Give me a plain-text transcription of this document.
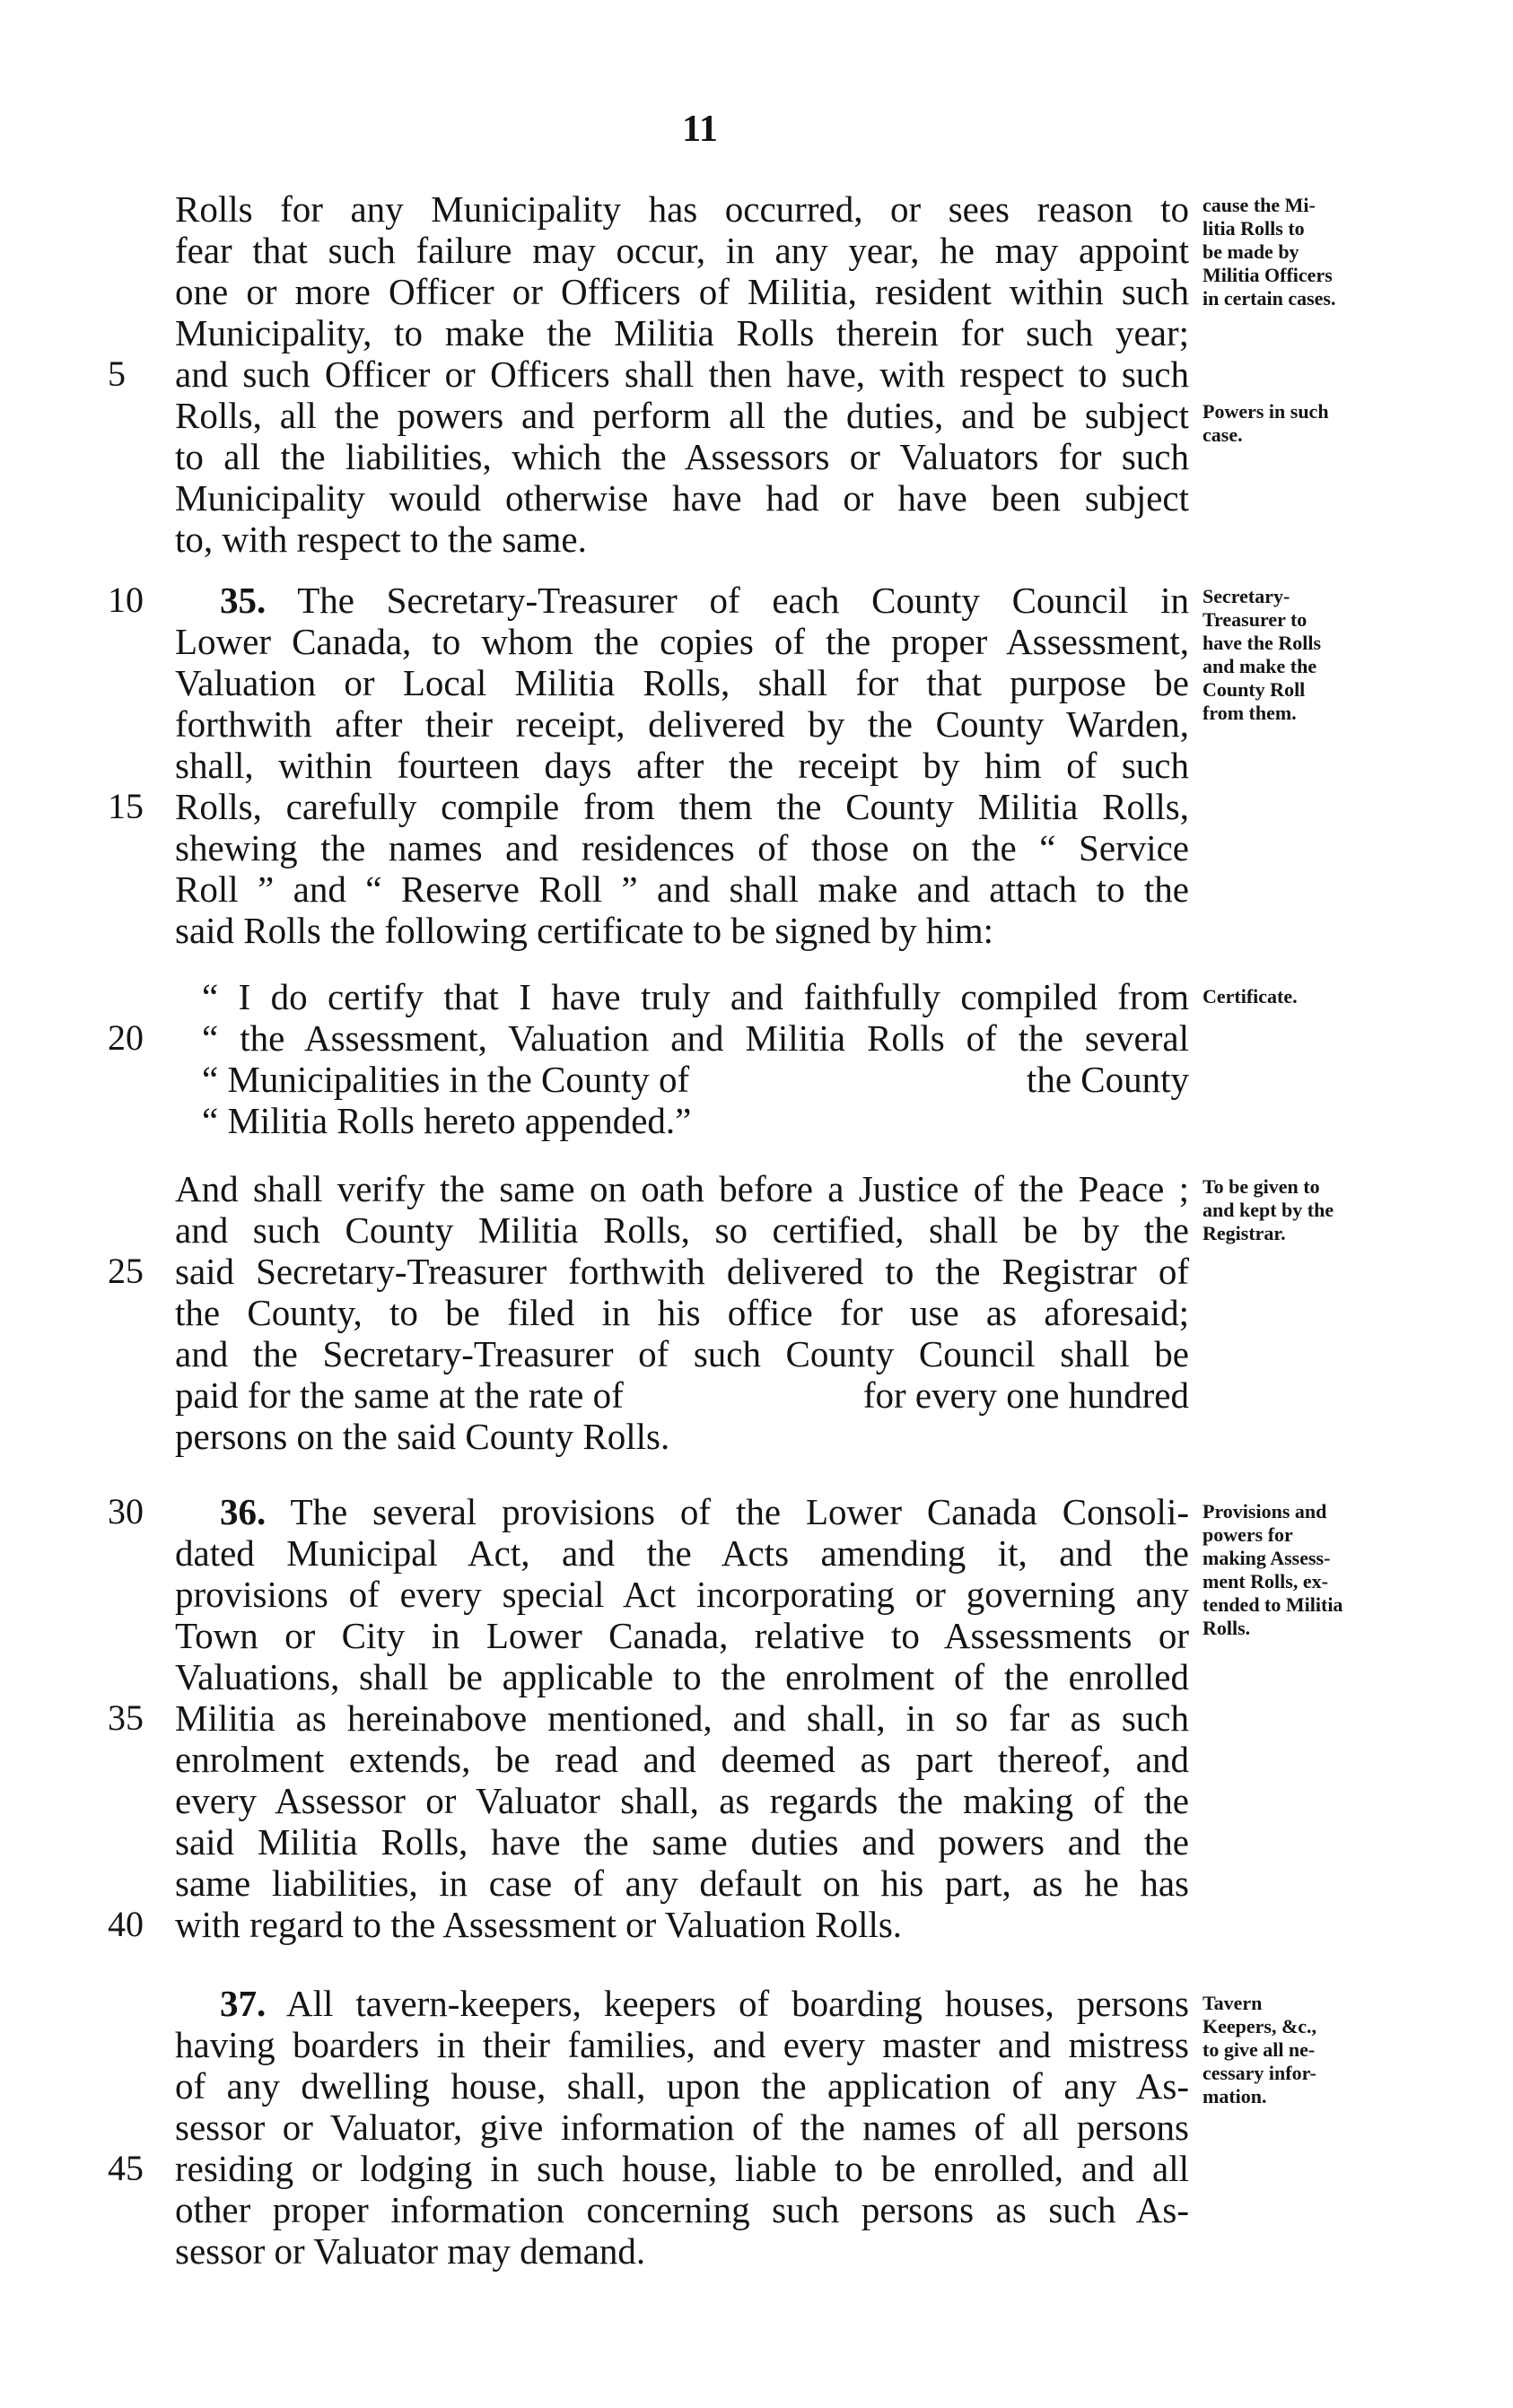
11
Rolls for any Municipality has occurred, or sees reason to
fear that such failure may occur, in any year, he may appoint
one or more Officer or Officers of Militia, resident within such
Municipality, to make the Militia Rolls therein for such year;
and such Officer or Officers shall then have, with respect to such
Rolls, all the powers and perform all the duties, and be subject
to all the liabilities, which the Assessors or Valuators for such
Municipality would otherwise have had or have been subject
to, with respect to the same.
35. The Secretary-Treasurer of each County Council in
Lower Canada, to whom the copies of the proper Assessment,
Valuation or Local Militia Rolls, shall for that purpose be
forthwith after their receipt, delivered by the County Warden,
shall, within fourteen days after the receipt by him of such
Rolls, carefully compile from them the County Militia Rolls,
shewing the names and residences of those on the “ Service
Roll ” and “ Reserve Roll ” and shall make and attach to the
said Rolls the following certificate to be signed by him:
“ I do certify that I have truly and faithfully compiled from
“ the Assessment, Valuation and Militia Rolls of the several
“ Municipalities in the County of	the County
“ Militia Rolls hereto appended.”
And shall verify the same on oath before a Justice of the Peace ;
and such County Militia Rolls, so certified, shall be by the
said Secretary-Treasurer forthwith delivered to the Registrar of
the County, to be filed in his office for use as aforesaid;
and the Secretary-Treasurer of such County Council shall be
paid for the same at the rate of	for every one hundred
persons on the said County Rolls.
36. The several provisions of the Lower Canada Consoli-
dated Municipal Act, and the Acts amending it, and the
provisions of every special Act incorporating or governing any
Town or City in Lower Canada, relative to Assessments or
Valuations, shall be applicable to the enrolment of the enrolled
Militia as hereinabove mentioned, and shall, in so far as such
enrolment extends, be read and deemed as part thereof, and
every Assessor or Valuator shall, as regards the making of the
said Militia Rolls, have the same duties and powers and the
same liabilities, in case of any default on his part, as he has
with regard to the Assessment or Valuation Rolls.
37. All tavern-keepers, keepers of boarding houses, persons
having boarders in their families, and every master and mistress
of any dwelling house, shall, upon the application of any As-
sessor or Valuator, give information of the names of all persons
residing or lodging in such house, liable to be enrolled, and all
other proper information concerning such persons as such As-
sessor or Valuator may demand.
5
10
15
20
25
30
35
40
45
cause the Mi-
litia Rolls to
be made by
Militia Officers
in certain cases.
Powers in such
case.
Secretary-
Treasurer to
have the Rolls
and make the
County Roll
from them.
Certificate.
To be given to
and kept by the
Registrar.
Provisions and
powers for
making Assess-
ment Rolls, ex-
tended to Militia
Rolls.
Tavern
Keepers, &c.,
to give all ne-
cessary infor-
mation.
